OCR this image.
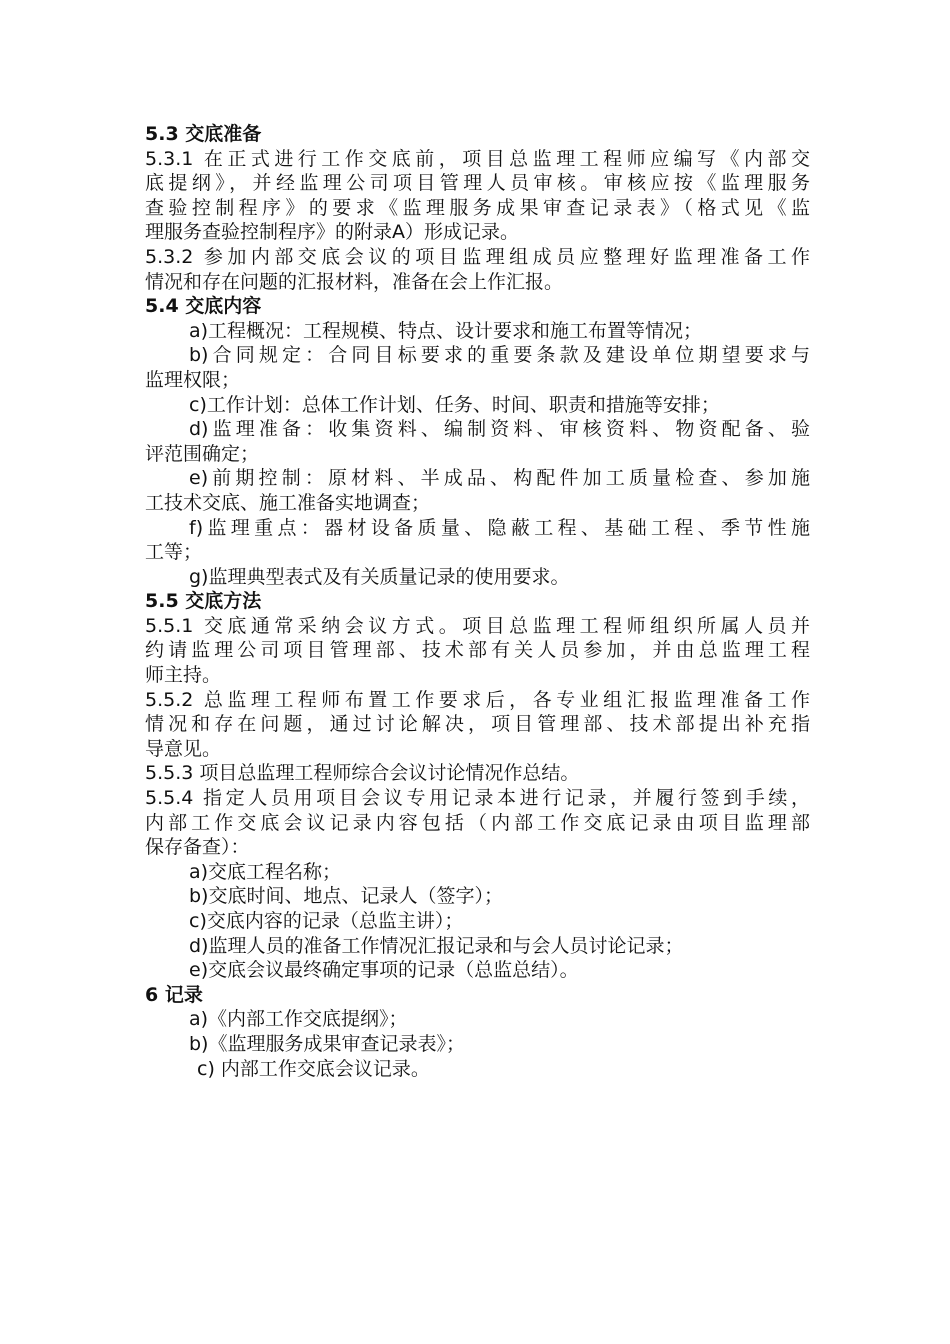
5.3 交底准备
5.3.1 在正式进行工作交底前，项目总监理工程师应编写《内部交
底提纲》，并经监理公司项目管理人员审核。审核应按《监理服务
查验控制程序》的要求《监理服务成果审查记录表》（格式见《监
理服务查验控制程序》的附录A）形成记录。
5.3.2 参加内部交底会议的项目监理组成员应整理好监理准备工作
情况和存在问题的汇报材料，准备在会上作汇报。
5.4 交底内容
a)工程概况：工程规模、特点、设计要求和施工布置等情况；
b)合同规定：合同目标要求的重要条款及建设单位期望要求与
监理权限；
c)工作计划：总体工作计划、任务、时间、职责和措施等安排；
d)监理准备：收集资料、编制资料、审核资料、物资配备、验
评范围确定；
e)前期控制：原材料、半成品、构配件加工质量检查、参加施
工技术交底、施工准备实地调查；
f)监理重点：器材设备质量、隐蔽工程、基础工程、季节性施
工等；
g)监理典型表式及有关质量记录的使用要求。
5.5 交底方法
5.5.1 交底通常采纳会议方式。项目总监理工程师组织所属人员并
约请监理公司项目管理部、技术部有关人员参加，并由总监理工程
师主持。
5.5.2 总监理工程师布置工作要求后，各专业组汇报监理准备工作
情况和存在问题，通过讨论解决，项目管理部、技术部提出补充指
导意见。
5.5.3 项目总监理工程师综合会议讨论情况作总结。
5.5.4 指定人员用项目会议专用记录本进行记录，并履行签到手续，
内部工作交底会议记录内容包括（内部工作交底记录由项目监理部
保存备查）：
a)交底工程名称；
b)交底时间、地点、记录人（签字）；
c)交底内容的记录（总监主讲）；
d)监理人员的准备工作情况汇报记录和与会人员讨论记录；
e)交底会议最终确定事项的记录（总监总结）。
6 记录
a)《内部工作交底提纲》；
b)《监理服务成果审查记录表》；
c) 内部工作交底会议记录。
